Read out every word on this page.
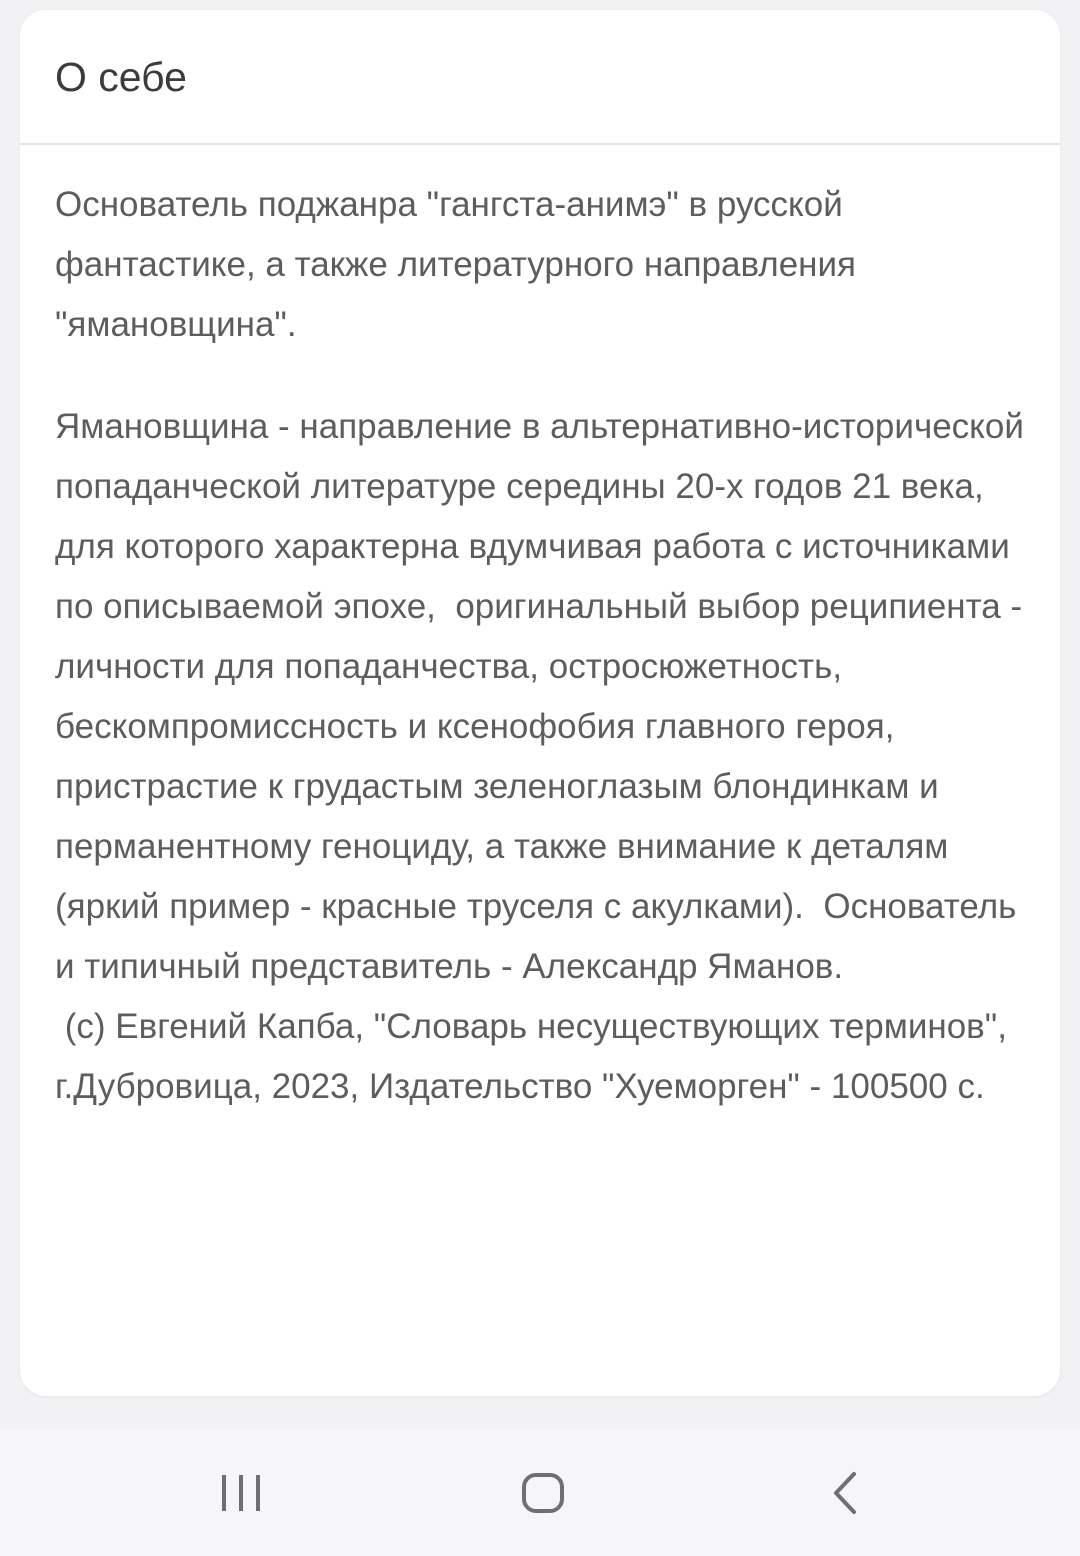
О себе

Основатель поджанра "гангста-анимэ" в русской фантастике, а также литературного направления "ямановщина".

Ямановщина - направление в альтернативно-исторической попаданческой литературе середины 20-х годов 21 века, для которого характерна вдумчивая работа с источниками по описываемой эпохе,  оригинальный выбор реципиента - личности для попаданчества, остросюжетность, бескомпромиссность и ксенофобия главного героя,  пристрастие к грудастым зеленоглазым блондинкам и перманентному геноциду, а также внимание к деталям (яркий пример - красные труселя с акулками).  Основатель и типичный представитель - Александр Яманов.
(с) Евгений Капба, "Словарь несуществующих терминов", г.Дубровица, 2023, Издательство "Хуеморген" - 100500 с.
